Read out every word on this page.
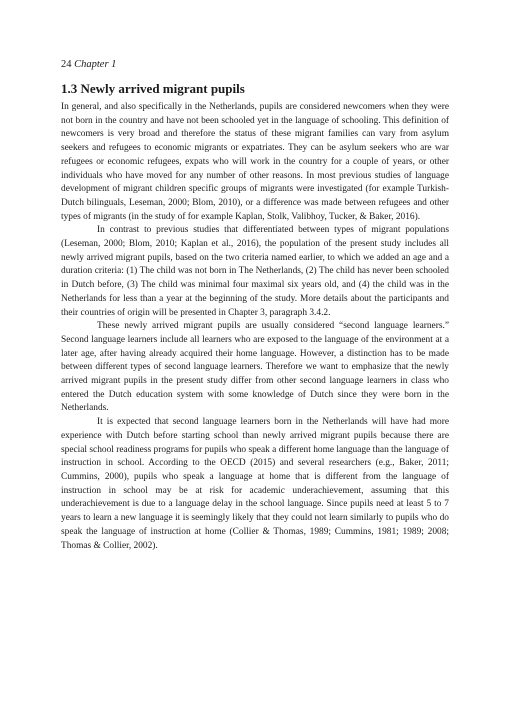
24 Chapter 1
1.3 Newly arrived migrant pupils

In general, and also specifically in the Netherlands, pupils are considered newcomers when they were not born in the country and have not been schooled yet in the language of schooling. This definition of newcomers is very broad and therefore the status of these migrant families can vary from asylum seekers and refugees to economic migrants or expatriates. They can be asylum seekers who are war refugees or economic refugees, expats who will work in the country for a couple of years, or other individuals who have moved for any number of other reasons. In most previous studies of language development of migrant children specific groups of migrants were investigated (for example Turkish-Dutch bilinguals, Leseman, 2000; Blom, 2010), or a difference was made between refugees and other types of migrants (in the study of for example Kaplan, Stolk, Valibhoy, Tucker, & Baker, 2016).

In contrast to previous studies that differentiated between types of migrant populations (Leseman, 2000; Blom, 2010; Kaplan et al., 2016), the population of the present study includes all newly arrived migrant pupils, based on the two criteria named earlier, to which we added an age and a duration criteria: (1) The child was not born in The Netherlands, (2) The child has never been schooled in Dutch before, (3) The child was minimal four maximal six years old, and (4) the child was in the Netherlands for less than a year at the beginning of the study. More details about the participants and their countries of origin will be presented in Chapter 3, paragraph 3.4.2.

These newly arrived migrant pupils are usually considered “second language learners.” Second language learners include all learners who are exposed to the language of the environment at a later age, after having already acquired their home language. However, a distinction has to be made between different types of second language learners. Therefore we want to emphasize that the newly arrived migrant pupils in the present study differ from other second language learners in class who entered the Dutch education system with some knowledge of Dutch since they were born in the Netherlands.

It is expected that second language learners born in the Netherlands will have had more experience with Dutch before starting school than newly arrived migrant pupils because there are special school readiness programs for pupils who speak a different home language than the language of instruction in school. According to the OECD (2015) and several researchers (e.g., Baker, 2011; Cummins, 2000), pupils who speak a language at home that is different from the language of instruction in school may be at risk for academic underachievement, assuming that this underachievement is due to a language delay in the school language. Since pupils need at least 5 to 7 years to learn a new language it is seemingly likely that they could not learn similarly to pupils who do speak the language of instruction at home (Collier & Thomas, 1989; Cummins, 1981; 1989; 2008; Thomas & Collier, 2002).
